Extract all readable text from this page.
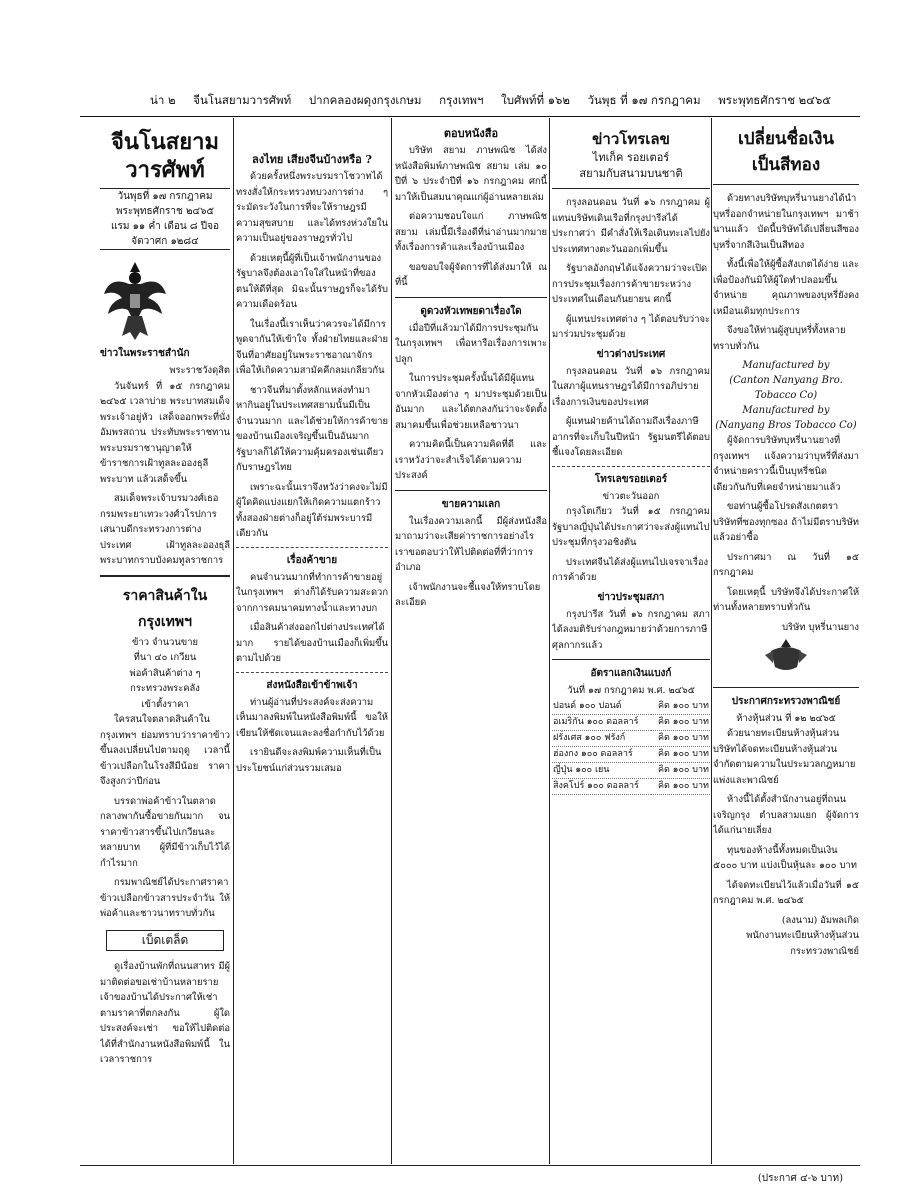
น่า ๒ จีนโนสยามวารศัพท์ ปากคลองผดุงกรุงเกษม กรุงเทพฯ ใบศัพท์ที่ ๑๖๒ วันพุธ ที่ ๑๗ กรกฎาคม พระพุทธศักราช ๒๔๖๕
จีนโนสยาม วารศัพท์
วันพุธที่ ๑๗ กรกฎาคม พระพุทธศักราช ๒๔๖๕
แรม ๑๑ ค่ำ เดือน ๘ ปีจอ จัตวาศก ๑๒๘๔
ข่าวในพระราชสำนัก
พระราชวังดุสิต

วันจันทร์ ที่ ๑๕ กรกฎาคม ๒๔๖๕ เวลาบ่าย พระบาทสมเด็จพระเจ้าอยู่หัว เสด็จออกพระที่นั่งอัมพรสถาน ประทับพระราชทานพระบรมราชานุญาตให้ข้าราชการเฝ้าทูลละอองธุลีพระบาท แล้วเสด็จขึ้น

สมเด็จพระเจ้าบรมวงศ์เธอ กรมพระยาเทวะวงศ์วโรปการ เสนาบดีกระทรวงการต่างประเทศ เฝ้าทูลละอองธุลีพระบาทกราบบังคมทูลราชการ

ราคาสินค้าในกรุงเทพฯ
ข้าว จำนวนขาย
ที่นา ๔๐ เกวียน
พ่อค้าสินค้าต่าง ๆ
กระทรวงพระคลัง
เข้าตั้งราคา

ใครสนใจตลาดสินค้าในกรุงเทพฯ ย่อมทราบว่าราคาข้าวขึ้นลงเปลี่ยนไปตามฤดู เวลานี้ข้าวเปลือกในโรงสีมีน้อย ราคาจึงสูงกว่าปีก่อน

บรรดาพ่อค้าข้าวในตลาดกลางพากันซื้อขายกันมาก จนราคาข้าวสารขึ้นไปเกวียนละหลายบาท ผู้ที่มีข้าวเก็บไว้ได้กำไรมาก

กรมพาณิชย์ได้ประกาศราคาข้าวเปลือกข้าวสารประจำวัน ให้พ่อค้าและชาวนาทราบทั่วกัน

เบ็ดเตล็ด

ดูเรื่องบ้านพักที่ถนนสาทร มีผู้มาติดต่อขอเช่าบ้านหลายราย เจ้าของบ้านได้ประกาศให้เช่าตามราคาที่ตกลงกัน ผู้ใดประสงค์จะเช่า ขอให้ไปติดต่อได้ที่สำนักงานหนังสือพิมพ์นี้ ในเวลาราชการ

ลงไทย เสียงจีนบ้างหรือ ?

ด้วยครั้งหนึ่งพระบรมราโชวาทได้ทรงสั่งให้กระทรวงทบวงการต่าง ๆ ระมัดระวังในการที่จะให้ราษฎรมีความสุขสบาย และได้ทรงห่วงใยในความเป็นอยู่ของราษฎรทั่วไป

ด้วยเหตุนี้ผู้ที่เป็นเจ้าพนักงานของรัฐบาลจึงต้องเอาใจใส่ในหน้าที่ของตนให้ดีที่สุด มิฉะนั้นราษฎรก็จะได้รับความเดือดร้อน

ในเรื่องนี้เราเห็นว่าควรจะได้มีการพูดจากันให้เข้าใจ ทั้งฝ่ายไทยและฝ่ายจีนที่อาศัยอยู่ในพระราชอาณาจักร เพื่อให้เกิดความสามัคคีกลมเกลียวกัน

ชาวจีนที่มาตั้งหลักแหล่งทำมาหากินอยู่ในประเทศสยามนั้นมีเป็นจำนวนมาก และได้ช่วยให้การค้าขายของบ้านเมืองเจริญขึ้นเป็นอันมาก รัฐบาลก็ได้ให้ความคุ้มครองเช่นเดียวกับราษฎรไทย

เพราะฉะนั้นเราจึงหวังว่าคงจะไม่มีผู้ใดคิดแบ่งแยกให้เกิดความแตกร้าว ทั้งสองฝ่ายต่างก็อยู่ใต้ร่มพระบารมีเดียวกัน

เรื่องค้าขาย

คนจำนวนมากที่ทำการค้าขายอยู่ในกรุงเทพฯ ต่างก็ได้รับความสะดวกจากการคมนาคมทางน้ำและทางบก

เมื่อสินค้าส่งออกไปต่างประเทศได้มาก รายได้ของบ้านเมืองก็เพิ่มขึ้นตามไปด้วย

ส่งหนังสือเข้าข้าพเจ้า

ท่านผู้อ่านที่ประสงค์จะส่งความเห็นมาลงพิมพ์ในหนังสือพิมพ์นี้ ขอให้เขียนให้ชัดเจนและลงชื่อกำกับไว้ด้วย

เรายินดีจะลงพิมพ์ความเห็นที่เป็นประโยชน์แก่ส่วนรวมเสมอ

ตอบหนังสือ

บริษัท สยาม ภาษพณิช ได้ส่งหนังสือพิมพ์ภาษพณิช สยาม เล่ม ๑๐ ปีที่ ๖ ประจำปีที่ ๑๖ กรกฎาคม ศกนี้มาให้เป็นสมนาคุณแก่ผู้อ่านหลายเล่ม

ต่อความชอบใจแก่ ภาษพณิช สยาม เล่มนี้มีเรื่องดีที่น่าอ่านมากมาย ทั้งเรื่องการค้าและเรื่องบ้านเมือง

ขอขอบใจผู้จัดการที่ได้ส่งมาให้ ณ ที่นี้

ดูดวงหัวเทพยดาเรื่องใด

เมื่อปีที่แล้วมาได้มีการประชุมกันในกรุงเทพฯ เพื่อหารือเรื่องการเพาะปลูก

ในการประชุมครั้งนั้นได้มีผู้แทนจากหัวเมืองต่าง ๆ มาประชุมด้วยเป็นอันมาก และได้ตกลงกันว่าจะจัดตั้งสมาคมขึ้นเพื่อช่วยเหลือชาวนา

ความคิดนี้เป็นความคิดที่ดี และเราหวังว่าจะสำเร็จได้ตามความประสงค์

ขายความเลก

ในเรื่องความเลกนี้ มีผู้ส่งหนังสือมาถามว่าจะเสียค่าราชการอย่างไร เราขอตอบว่าให้ไปติดต่อที่ที่ว่าการอำเภอ

เจ้าพนักงานจะชี้แจงให้ทราบโดยละเอียด

ข่าวโทรเลข
ไทเก็ค รอยเตอร์
สยามกับสนามบนชาติ

กรุงลอนดอน วันที่ ๑๖ กรกฎาคม ผู้แทนบริษัทเดินเรือที่กรุงปารีสได้ประกาศว่า มีคำสั่งให้เรือเดินทะเลไปยังประเทศทางตะวันออกเพิ่มขึ้น

รัฐบาลอังกฤษได้แจ้งความว่าจะเปิดการประชุมเรื่องการค้าขายระหว่างประเทศในเดือนกันยายน ศกนี้

ผู้แทนประเทศต่าง ๆ ได้ตอบรับว่าจะมาร่วมประชุมด้วย

ข่าวต่างประเทศ

กรุงลอนดอน วันที่ ๑๖ กรกฎาคม ในสภาผู้แทนราษฎรได้มีการอภิปรายเรื่องการเงินของประเทศ

ผู้แทนฝ่ายค้านได้ถามถึงเรื่องภาษีอากรที่จะเก็บในปีหน้า รัฐมนตรีได้ตอบชี้แจงโดยละเอียด

โทรเลขรอยเตอร์
ข่าวตะวันออก

กรุงโตเกียว วันที่ ๑๕ กรกฎาคม รัฐบาลญี่ปุ่นได้ประกาศว่าจะส่งผู้แทนไปประชุมที่กรุงวอชิงตัน

ประเทศจีนได้ส่งผู้แทนไปเจรจาเรื่องการค้าด้วย

ข่าวประชุมสภา

กรุงปารีส วันที่ ๑๖ กรกฎาคม สภาได้ลงมติรับร่างกฎหมายว่าด้วยการภาษีศุลกากรแล้ว

อัตราแลกเงินแบงก์
วันที่ ๑๗ กรกฎาคม พ.ศ. ๒๔๖๕
ปอนด์ ๑๐๐ ปอนด์	คิด ๑๐๐ บาท
อเมริกัน ๑๐๐ ดอลลาร์	คิด ๑๐๐ บาท
ฝรั่งเศส ๑๐๐ ฟรังก์	คิด ๑๐๐ บาท
ฮ่องกง ๑๐๐ ดอลลาร์	คิด ๑๐๐ บาท
ญี่ปุ่น ๑๐๐ เยน	คิด ๑๐๐ บาท
สิงคโปร์ ๑๐๐ ดอลลาร์	คิด ๑๐๐ บาท
เปลี่ยนชื่อเงิน
เป็นสีทอง

ด้วยทางบริษัทบุหรี่นานยางได้นำบุหรี่ออกจำหน่ายในกรุงเทพฯ มาช้านานแล้ว บัดนี้บริษัทได้เปลี่ยนสีซองบุหรี่จากสีเงินเป็นสีทอง

ทั้งนี้เพื่อให้ผู้ซื้อสังเกตได้ง่าย และเพื่อป้องกันมิให้ผู้ใดทำปลอมขึ้นจำหน่าย คุณภาพของบุหรี่ยังคงเหมือนเดิมทุกประการ

จึงขอให้ท่านผู้สูบบุหรี่ทั้งหลายทราบทั่วกัน

Manufactured by
(Canton Nanyang Bro. Tobacco Co)
Manufactured by
(Nanyang Bros Tobacco Co)

ผู้จัดการบริษัทบุหรี่นานยางที่กรุงเทพฯ แจ้งความว่าบุหรี่ที่ส่งมาจำหน่ายคราวนี้เป็นบุหรี่ชนิดเดียวกันกับที่เคยจำหน่ายมาแล้ว

ขอท่านผู้ซื้อโปรดสังเกตตราบริษัทที่ซองทุกซอง ถ้าไม่มีตราบริษัทแล้วอย่าซื้อ

ประกาศมา ณ วันที่ ๑๕ กรกฎาคม

โดยเหตุนี้ บริษัทจึงได้ประกาศให้ท่านทั้งหลายทราบทั่วกัน

บริษัท บุหรี่นานยาง
ประกาศกระทรวงพาณิชย์
ห้างหุ้นส่วน ที่ ๑๒ ๒๔๖๕

ด้วยนายทะเบียนห้างหุ้นส่วนบริษัทได้จดทะเบียนห้างหุ้นส่วนจำกัดตามความในประมวลกฎหมายแพ่งและพาณิชย์

ห้างนี้ได้ตั้งสำนักงานอยู่ที่ถนนเจริญกรุง ตำบลสามแยก ผู้จัดการได้แก่นายเลี่ยง

ทุนของห้างนี้ทั้งหมดเป็นเงิน ๕๐๐๐ บาท แบ่งเป็นหุ้นละ ๑๐๐ บาท

ได้จดทะเบียนไว้แล้วเมื่อวันที่ ๑๕ กรกฎาคม พ.ศ. ๒๔๖๕

(ลงนาม) อัมพลเกิด
พนักงานทะเบียนห้างหุ้นส่วน
กระทรวงพาณิชย์
(ประกาศ ๔-๖ บาท)
